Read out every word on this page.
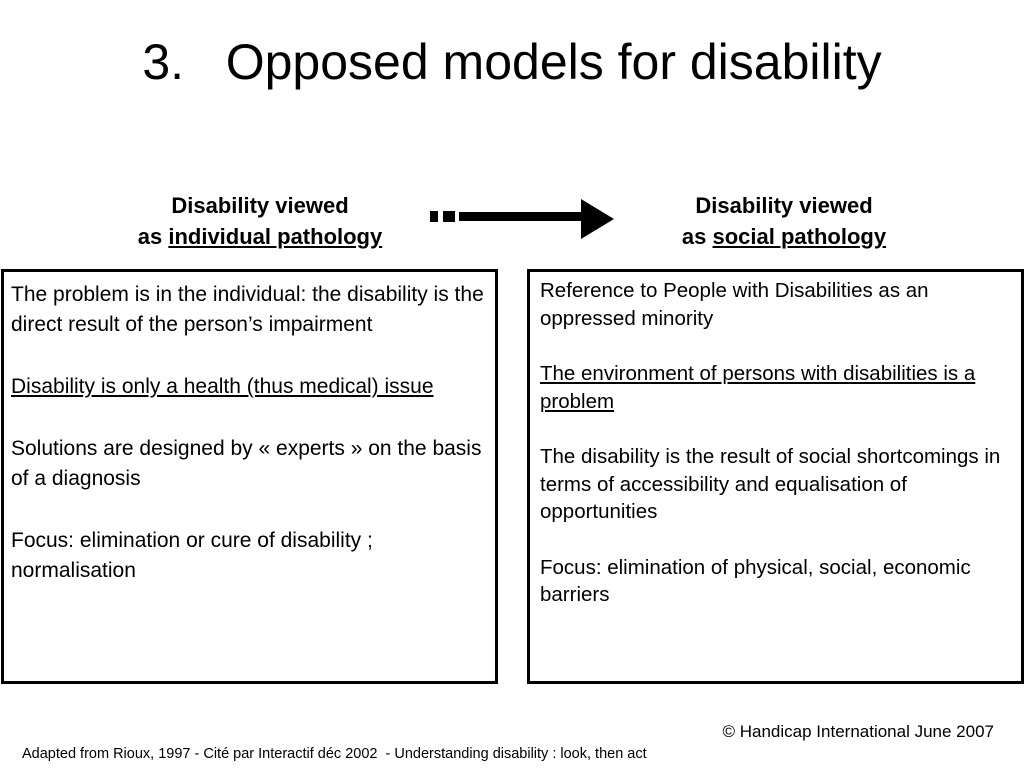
3.   Opposed models for disability
Disability viewed
as individual pathology
Disability viewed
as social pathology

The problem is in the individual: the disability is the direct result of the person’s impairment

Disability is only a health (thus medical) issue

Solutions are designed by « experts » on the basis of a diagnosis

Focus: elimination or cure of disability ; normalisation

Reference to People with Disabilities as an oppressed minority

The environment of persons with disabilities is a problem

The disability is the result of social shortcomings in terms of accessibility and equalisation of opportunities

Focus: elimination of physical, social, economic barriers

© Handicap International June 2007
Adapted from Rioux, 1997 - Cité par Interactif déc 2002  - Understanding disability : look, then act
